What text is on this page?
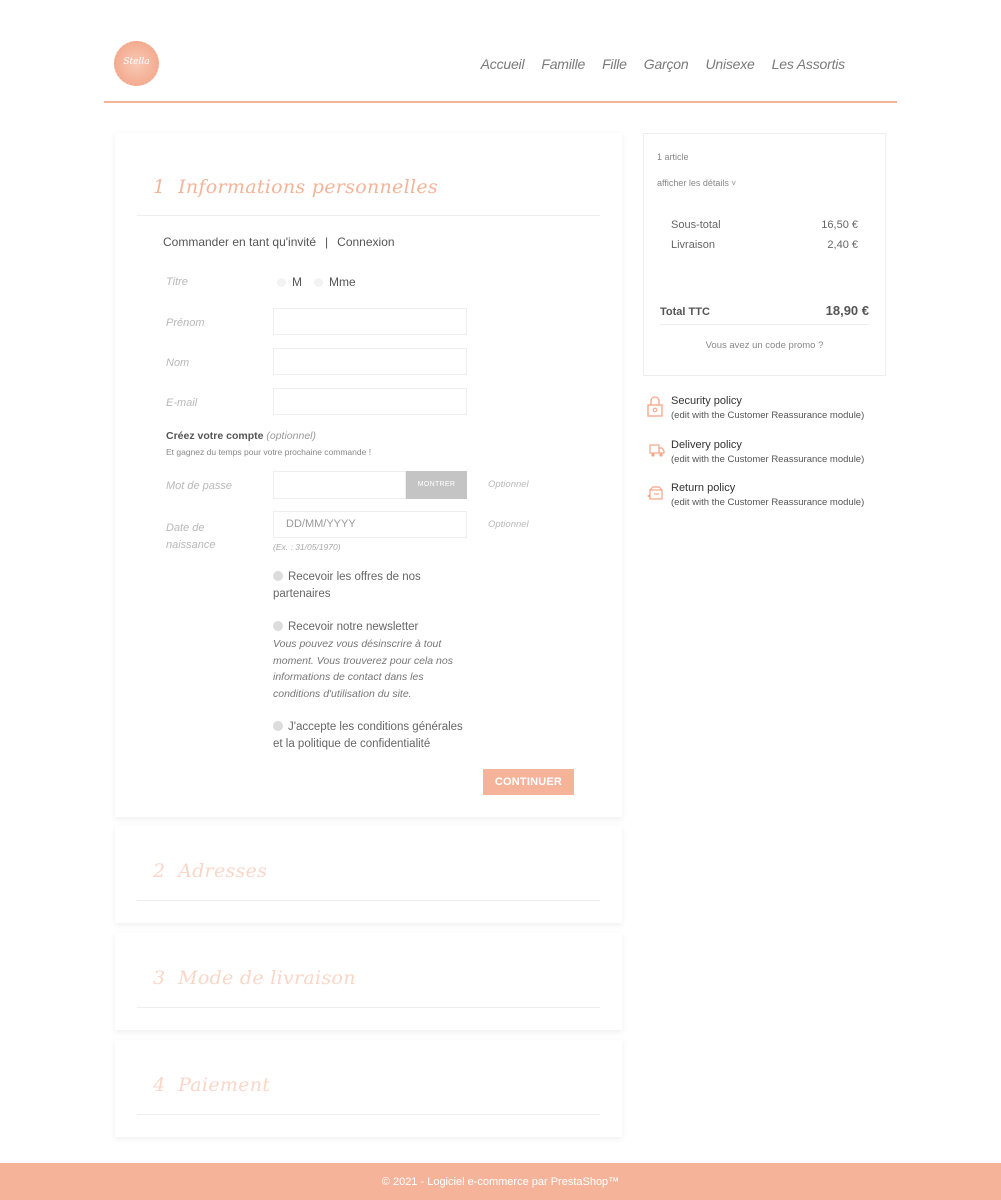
Stella	Accueil Famille Fille Garçon Unisexe Les Assortis
1 Informations personnelles
Commander en tant qu'invité | Connexion
Titre	M	Mme
Prénom
Nom
E-mail
Créez votre compte (optionnel)
Et gagnez du temps pour votre prochaine commande !
Mot de passe	MONTRER	Optionnel
Date de
naissance
DD/MM/YYYY	Optionnel
(Ex. : 31/05/1970)
Recevoir les offres de nos partenaires
Recevoir notre newsletter
Vous pouvez vous désinscrire à tout moment. Vous trouverez pour cela nos informations de contact dans les conditions d'utilisation du site.
J'accepte les conditions générales et la politique de confidentialité
CONTINUER
2 Adresses
3 Mode de livraison
4 Paiement
1 article
afficher les détails ˅
Sous-total	16,50 €
Livraison	2,40 €
Total TTC	18,90 €
Vous avez un code promo ?
Security policy
(edit with the Customer Reassurance module)
Delivery policy
(edit with the Customer Reassurance module)
Return policy
(edit with the Customer Reassurance module)
© 2021 - Logiciel e-commerce par PrestaShop™
